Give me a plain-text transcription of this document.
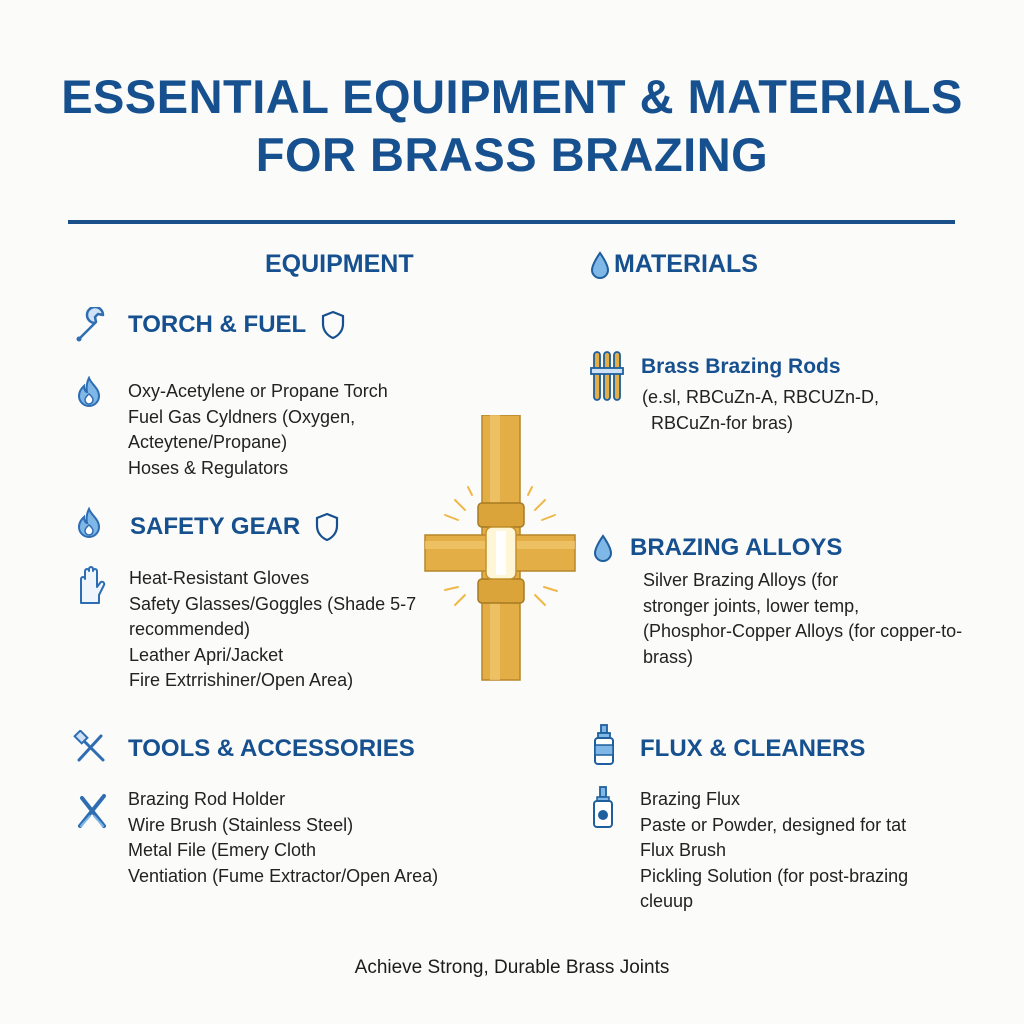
ESSENTIAL EQUIPMENT & MATERIALS
FOR BRASS BRAZING
EQUIPMENT	MATERIALS
TORCH & FUEL
Oxy-Acetylene or Propane Torch
Fuel Gas Cyldners (Oxygen,
Acteytene/Propane)
Hoses & Regulators
SAFETY GEAR
Heat-Resistant Gloves
Safety Glasses/Goggles (Shade 5-7
recommended)
Leather Apri/Jacket
Fire Extrrishiner/Open Area)
TOOLS & ACCESSORIES
Brazing Rod Holder
Wire Brush (Stainless Steel)
Metal File (Emery Cloth
Ventiation (Fume Extractor/Open Area)
Brass Brazing Rods
(e.sl, RBCuZn-A, RBCUZn-D,
RBCuZn-for bras)
BRAZING ALLOYS
Silver Brazing Alloys (for
stronger joints, lower temp,
(Phosphor-Copper Alloys (for copper-to-
brass)
FLUX & CLEANERS
Brazing Flux
Paste or Powder, designed for tat
Flux Brush
Pickling Solution (for post-brazing
cleuup
Achieve Strong, Durable Brass Joints
